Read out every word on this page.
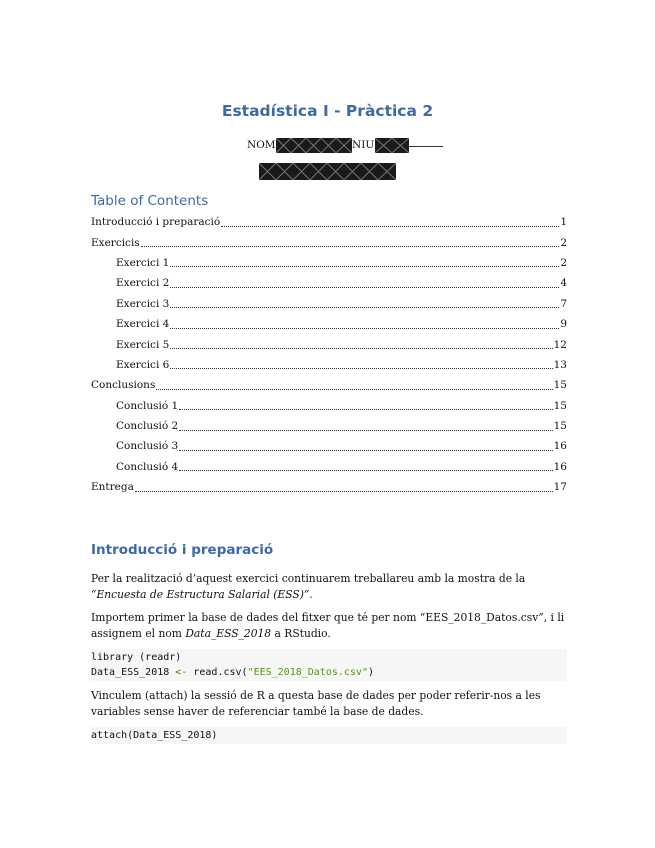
Estadística I - Pràctica 2
NOM	NIU
Table of Contents
Introducció i preparació	1
Exercicis	2
Exercici 1	2
Exercici 2	4
Exercici 3	7
Exercici 4	9
Exercici 5	12
Exercici 6	13
Conclusions	15
Conclusió 1	15
Conclusió 2	15
Conclusió 3	16
Conclusió 4	16
Entrega	17
Introducció i preparació
Per la realització d’aquest exercici continuarem treballareu amb la mostra de la
“Encuesta de Estructura Salarial (ESS)”.
Importem primer la base de dades del fitxer que té per nom “EES_2018_Datos.csv”, i li
assignem el nom Data_ESS_2018 a RStudio.
library (readr)
Data_ESS_2018 <- read.csv("EES_2018_Datos.csv")
Vinculem (attach) la sessió de R a questa base de dades per poder referir-nos a les
variables sense haver de referenciar també la base de dades.
attach(Data_ESS_2018)
